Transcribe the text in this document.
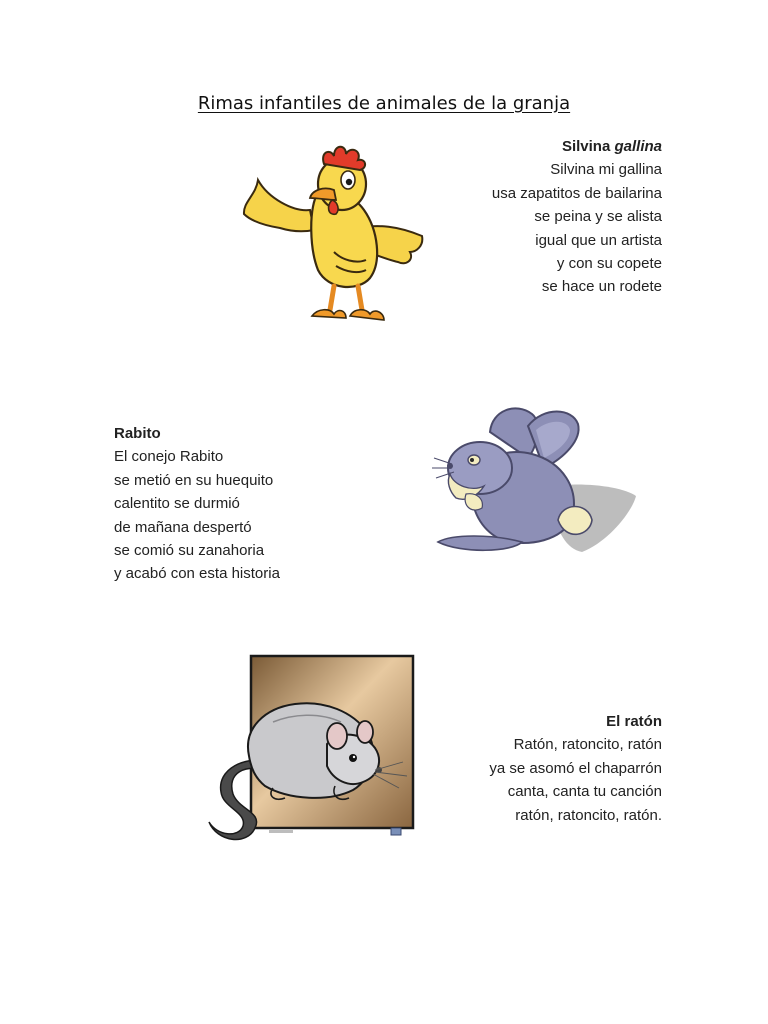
Rimas infantiles de animales de la granja
Silvina gallina
Silvina mi gallina
usa zapatitos de bailarina
se peina y se alista
igual que un artista
y con su copete
se hace un rodete
Rabito
El conejo Rabito
se metió en su huequito
calentito se durmió
de mañana despertó
se comió su zanahoria
y acabó con esta historia
El ratón
Ratón, ratoncito, ratón
ya se asomó el chaparrón
canta, canta tu canción
ratón, ratoncito, ratón.
